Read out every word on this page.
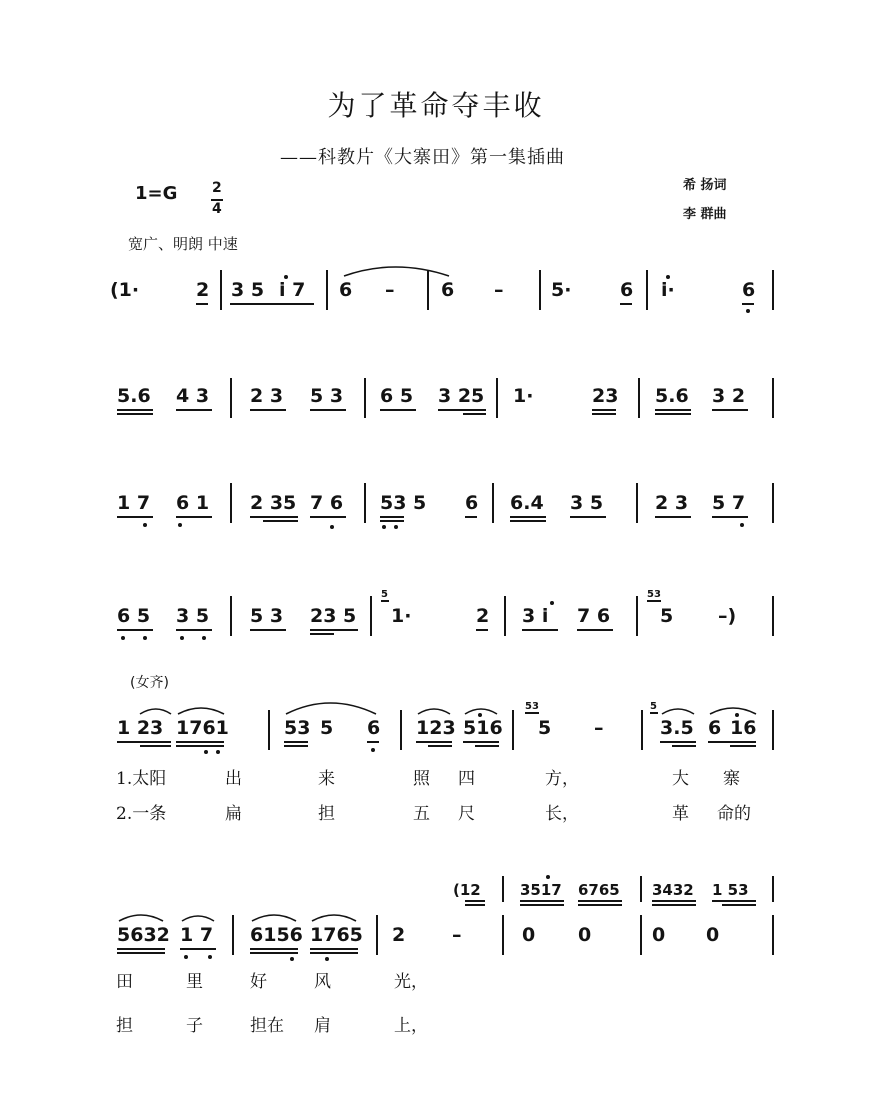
为了革命夺丰收
——科教片《大寨田》第一集插曲
希 扬词
李 群曲
1=G 2
4
宽广、明朗 中速
(女齐)
(1·	2 3 5 i 7 6 – 6 –	5·	6 i·	6
5.6 4 3 2 3 5 3 6 5 3 25 1·	23 5.6 3 2
1 7 6 1 2 35 7 6 53 5 6 6.4 3 5	2 3 5 7
6 5 3 5 5 3 23 5
5
1·	2 3 i 7 6
53
5 –)
1 23 1761	53 5 6 123 516
53
5 –
5
3.5 6 16
1.太阳	出	来	照 四	方，	大 寨
2.一条	扁	担	五 尺	长，	革 命的
(12	3517 6765 3432 1 53
5632 1 7 6156 1765 2 –	0 0	0 0
田	里	好	风	光，
担	子	担在 肩	上，
